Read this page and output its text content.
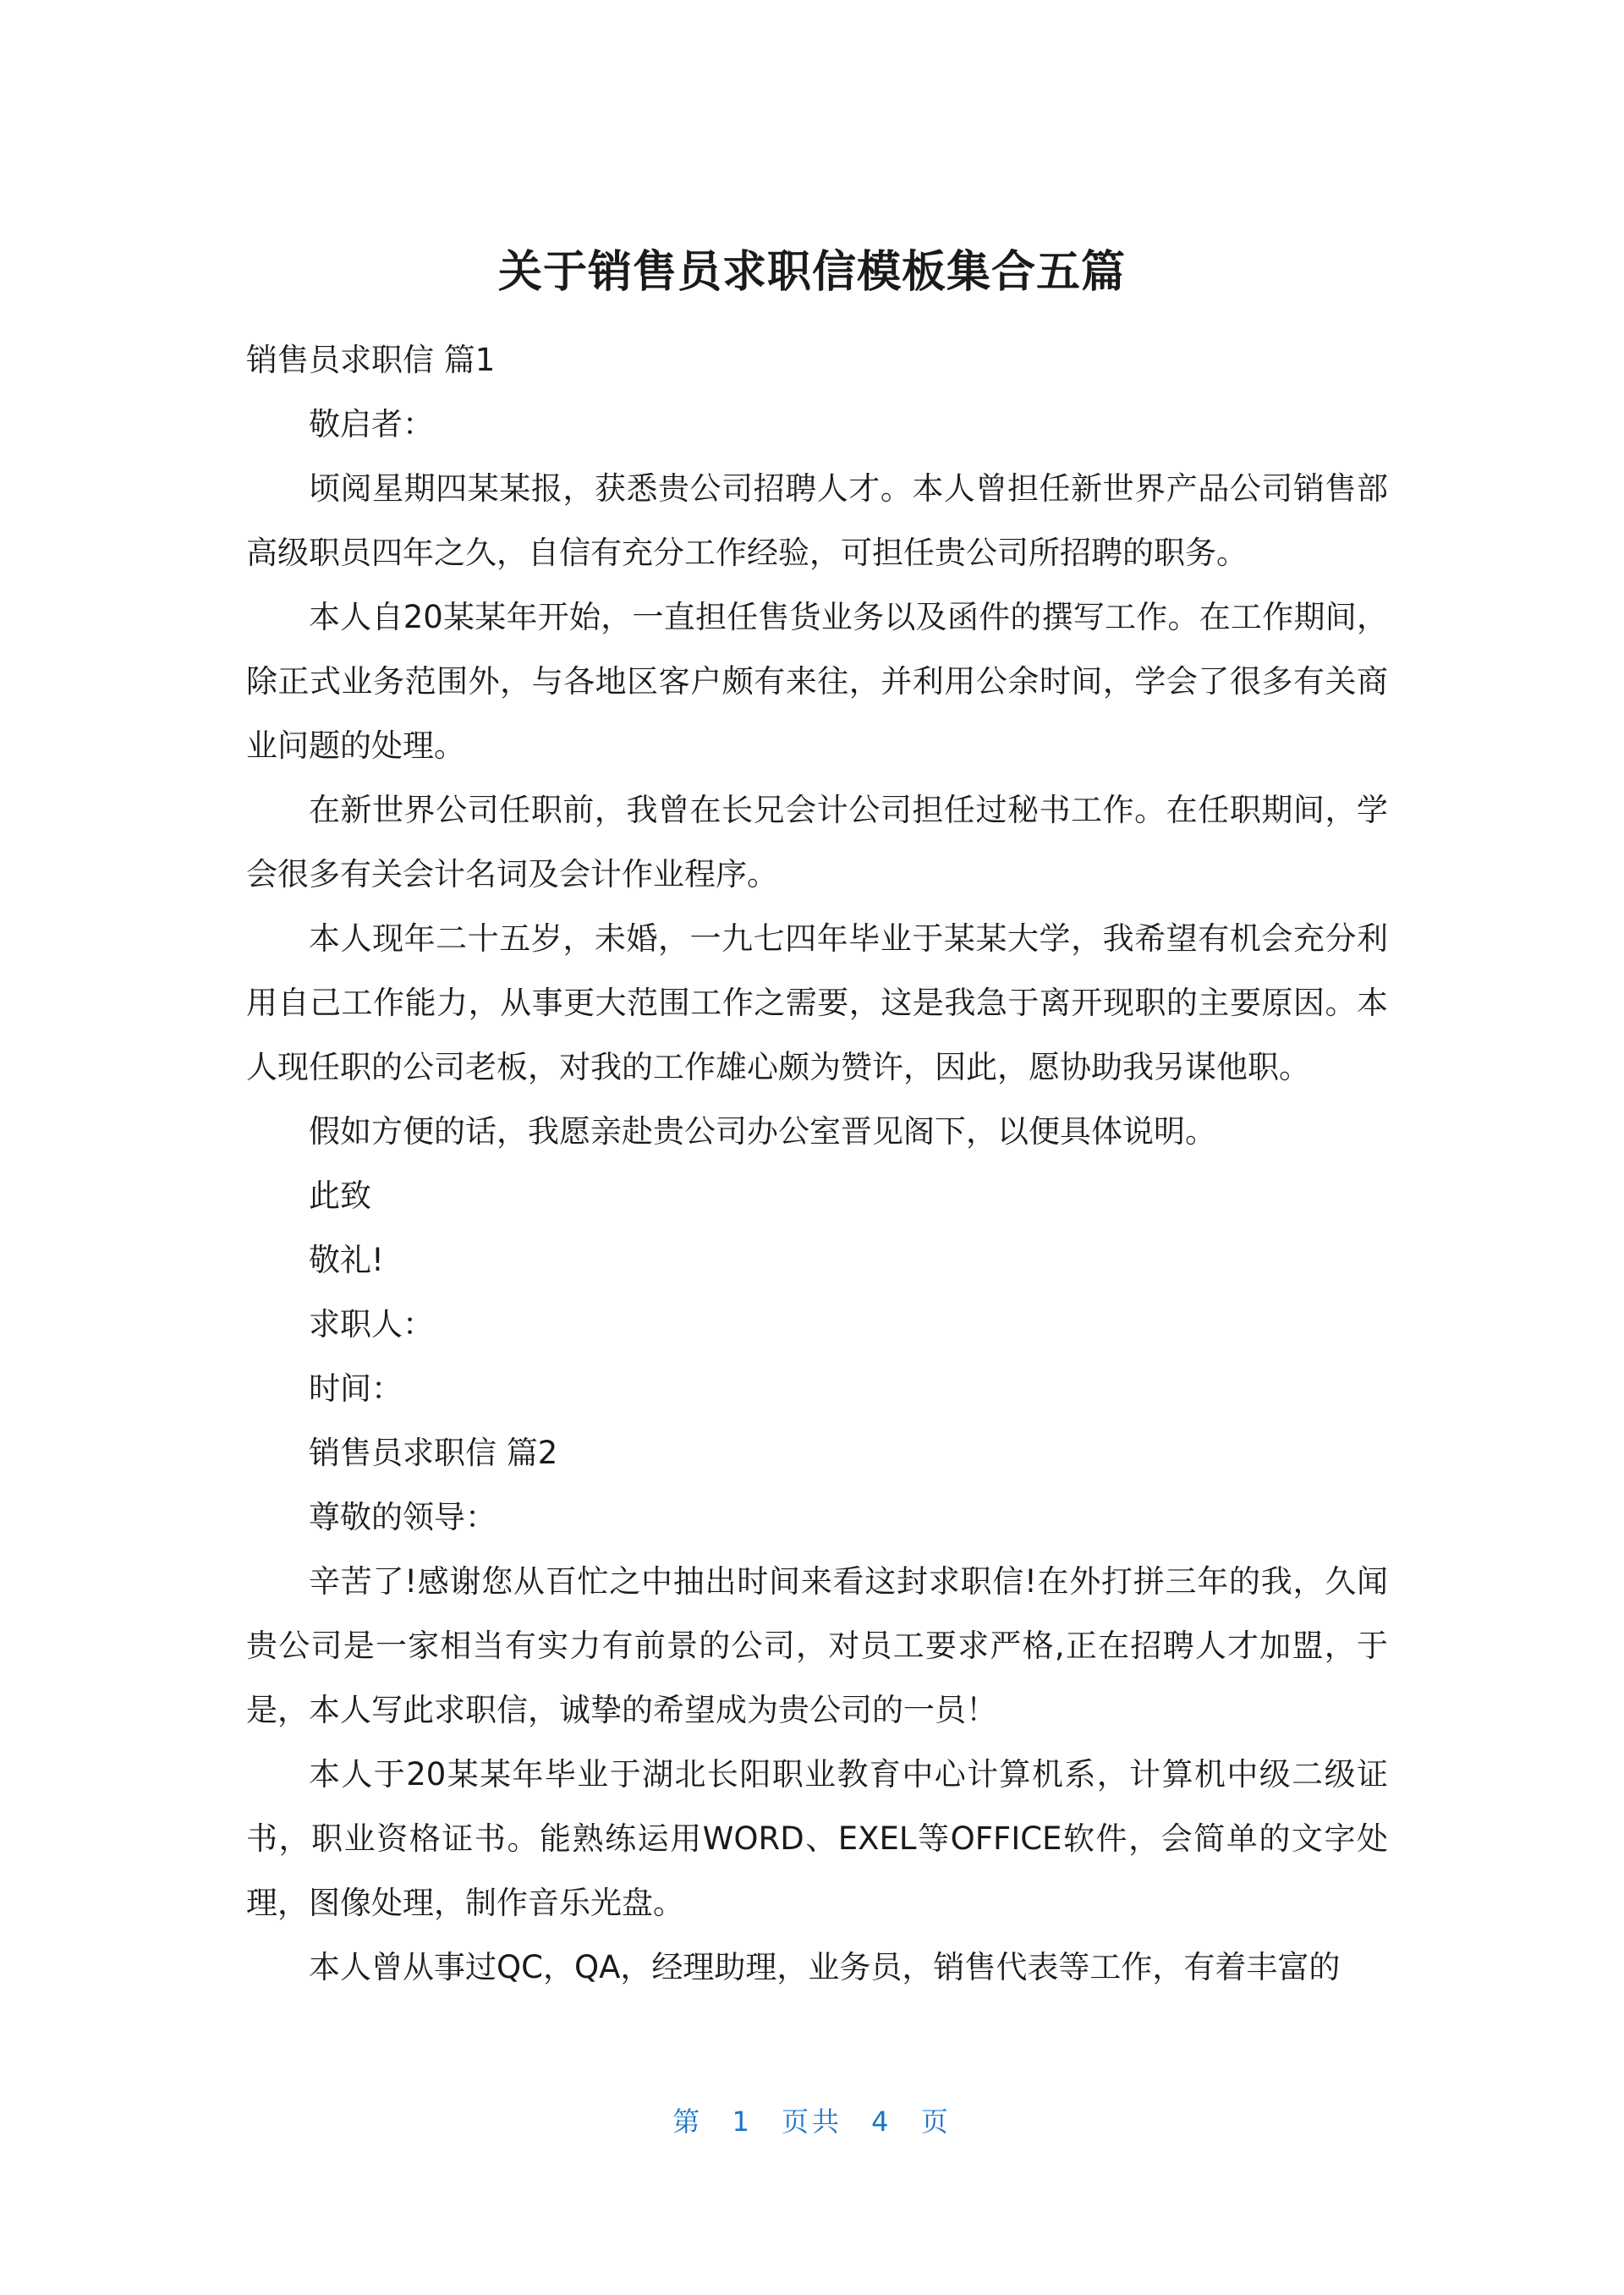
关于销售员求职信模板集合五篇

销售员求职信 篇1

敬启者：

顷阅星期四某某报，获悉贵公司招聘人才。本人曾担任新世界产品公司销售部高级职员四年之久，自信有充分工作经验，可担任贵公司所招聘的职务。

本人自20某某年开始，一直担任售货业务以及函件的撰写工作。在工作期间，除正式业务范围外，与各地区客户颇有来往，并利用公余时间，学会了很多有关商业问题的处理。

在新世界公司任职前，我曾在长兄会计公司担任过秘书工作。在任职期间，学会很多有关会计名词及会计作业程序。

本人现年二十五岁，未婚，一九七四年毕业于某某大学，我希望有机会充分利用自己工作能力，从事更大范围工作之需要，这是我急于离开现职的主要原因。本人现任职的公司老板，对我的工作雄心颇为赞许，因此，愿协助我另谋他职。

假如方便的话，我愿亲赴贵公司办公室晋见阁下，以便具体说明。

此致

敬礼!

求职人：

时间：

销售员求职信 篇2

尊敬的领导：

辛苦了!感谢您从百忙之中抽出时间来看这封求职信!在外打拼三年的我，久闻贵公司是一家相当有实力有前景的公司，对员工要求严格,正在招聘人才加盟，于是，本人写此求职信，诚挚的希望成为贵公司的一员！

本人于20某某年毕业于湖北长阳职业教育中心计算机系，计算机中级二级证书，职业资格证书。能熟练运用WORD、EXEL等OFFICE软件，会简单的文字处理，图像处理，制作音乐光盘。

本人曾从事过QC，QA，经理助理，业务员，销售代表等工作，有着丰富的

第 1 页共 4 页
